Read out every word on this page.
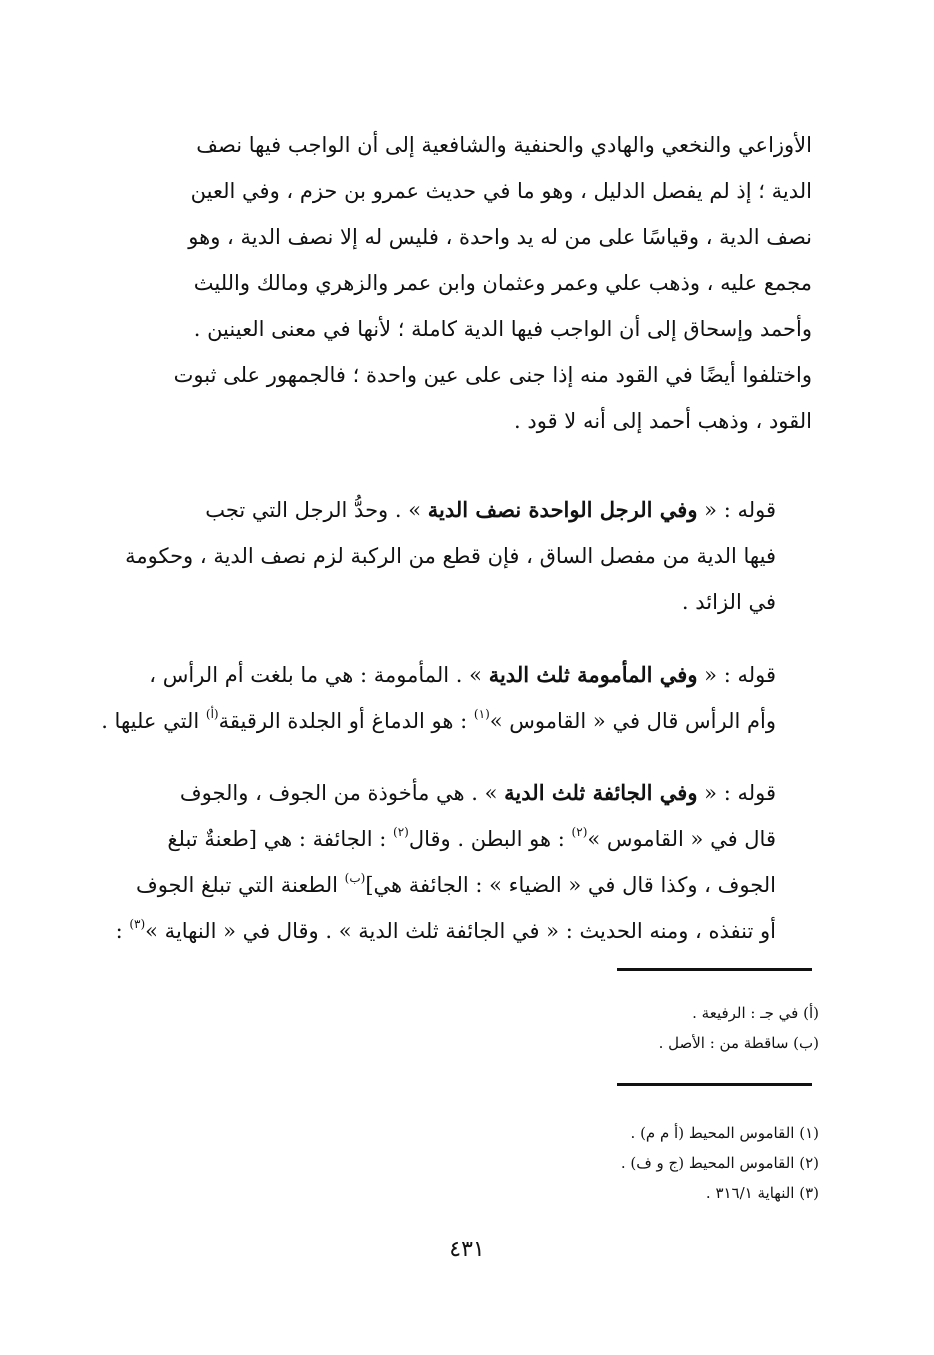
الأوزاعي والنخعي والهادي والحنفية والشافعية إلى أن الواجب فيها نصف
الدية ؛ إذ لم يفصل الدليل ، وهو ما في حديث عمرو بن حزم ، وفي العين
نصف الدية ، وقياسًا على من له يد واحدة ، فليس له إلا نصف الدية ، وهو
مجمع عليه ، وذهب علي وعمر وعثمان وابن عمر والزهري ومالك والليث
وأحمد وإسحاق إلى أن الواجب فيها الدية كاملة ؛ لأنها في معنى العينين .

واختلفوا أيضًا في القود منه إذا جنى على عين واحدة ؛ فالجمهور على ثبوت
القود ، وذهب أحمد إلى أنه لا قود .

قوله : « وفي الرجل الواحدة نصف الدية » . وحدُّ الرجل التي تجب
فيها الدية من مفصل الساق ، فإن قطع من الركبة لزم نصف الدية ، وحكومة
في الزائد .

قوله : « وفي المأمومة ثلث الدية » . المأمومة : هي ما بلغت أم الرأس ،
وأم الرأس قال في « القاموس »$^{(١)}$ : هو الدماغ أو الجلدة الرقيقة$^{(أ)}$ التي عليها .

قوله : « وفي الجائفة ثلث الدية » . هي مأخوذة من الجوف ، والجوف
قال في « القاموس »$^{(٢)}$ : هو البطن . وقال$^{(٢)}$ : الجائفة : هي [طعنةٌ تبلغ
الجوف ، وكذا قال في « الضياء » : الجائفة هي]$^{(ب)}$ الطعنة التي تبلغ الجوف
أو تنفذه ، ومنه الحديث : « في الجائفة ثلث الدية » . وقال في « النهاية »$^{(٣)}$ :

(أ) في جـ : الرفيعة .
(ب) ساقطة من : الأصل .
(١) القاموس المحيط (أ م م) .
(٢) القاموس المحيط (ج و ف) .
(٣) النهاية ٣١٦/١ .
٤٣١
